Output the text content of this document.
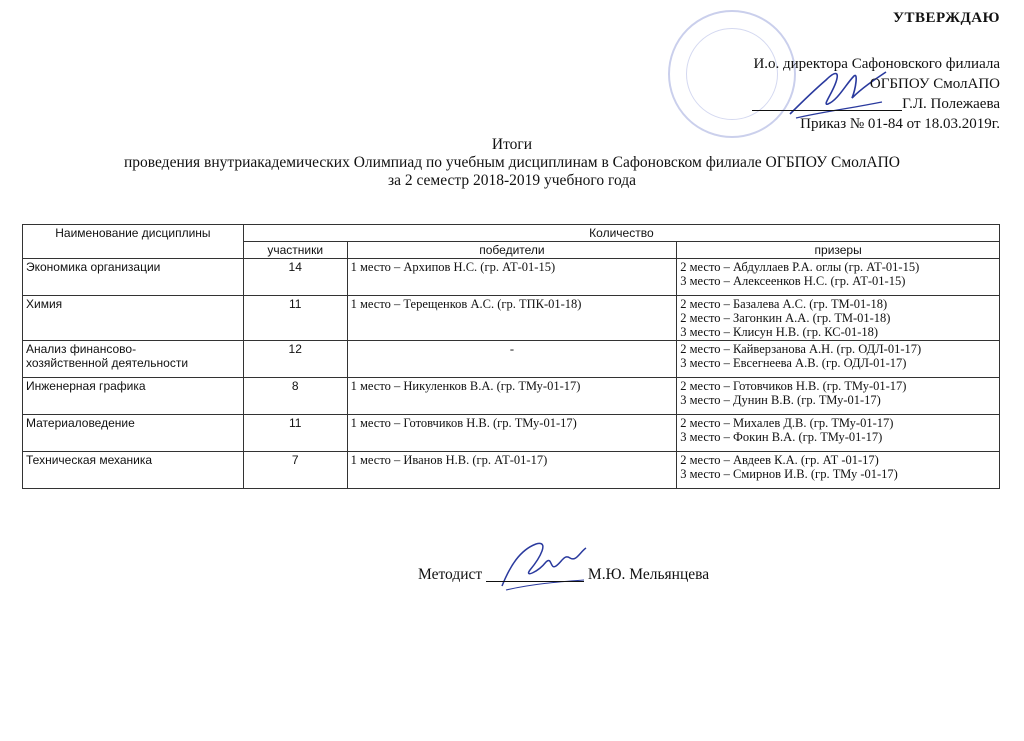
УТВЕРЖДАЮ
И.о. директора Сафоновского филиала
ОГБПОУ СмолАПО
Г.Л. Полежаева
Приказ № 01-84 от 18.03.2019г.
Итоги
проведения внутриакадемических Олимпиад по учебным дисциплинам в Сафоновском филиале ОГБПОУ СмолАПО
за 2 семестр 2018-2019 учебного года
Наименование дисциплины	Количество		
	участники	победители	призеры
Экономика организации	14	1 место – Архипов Н.С. (гр. АТ-01-15)	2 место – Абдуллаев Р.А. оглы (гр. АТ-01-15)
3 место – Алексеенков Н.С. (гр. АТ-01-15)

Химия	11	1 место – Терещенков А.С. (гр. ТПК-01-18)	2 место – Базалева А.С. (гр. ТМ-01-18)
2 место – Загонкин А.А. (гр. ТМ-01-18)
3 место – Клисун Н.В. (гр. КС-01-18)

Анализ финансово-
хозяйственной деятельности	12	-	2 место – Кайверзанова А.Н. (гр. ОДЛ-01-17)
3 место – Евсегнеева А.В. (гр. ОДЛ-01-17)

Инженерная графика	8	1 место – Никуленков В.А. (гр. ТМу-01-17)	2 место – Готовчиков Н.В. (гр. ТМу-01-17)
3 место – Дунин В.В. (гр. ТМу-01-17)

Материаловедение	11	1 место – Готовчиков Н.В. (гр. ТМу-01-17)	2 место – Михалев Д.В. (гр. ТМу-01-17)
3 место – Фокин В.А. (гр. ТМу-01-17)

Техническая механика	7	1 место – Иванов Н.В. (гр. АТ-01-17)	2 место – Авдеев К.А. (гр. АТ -01-17)
3 место – Смирнов И.В. (гр. ТМу -01-17)
Методист	М.Ю. Мельянцева
